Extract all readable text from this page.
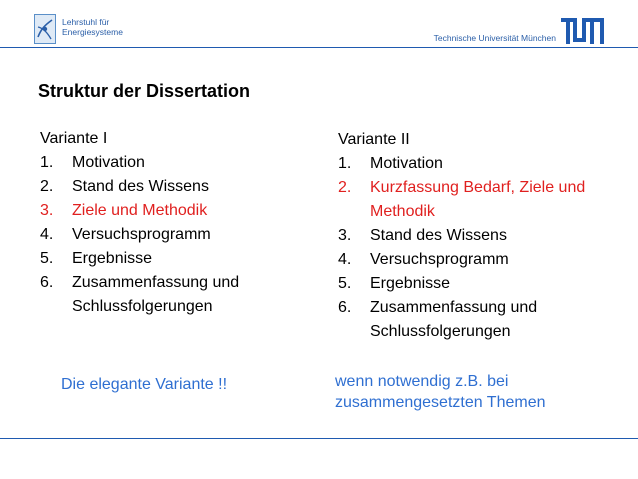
Lehrstuhl für
Energiesysteme
Technische Universität München
Struktur der Dissertation
Variante I
1. Motivation
2. Stand des Wissens
3. Ziele und Methodik
4. Versuchsprogramm
5. Ergebnisse
6. Zusammenfassung und Schlussfolgerungen
Variante II
1. Motivation
2. Kurzfassung Bedarf, Ziele und Methodik
3. Stand des Wissens
4. Versuchsprogramm
5. Ergebnisse
6. Zusammenfassung und Schlussfolgerungen
Die elegante Variante !!	wenn notwendig z.B. bei zusammengesetzten Themen
